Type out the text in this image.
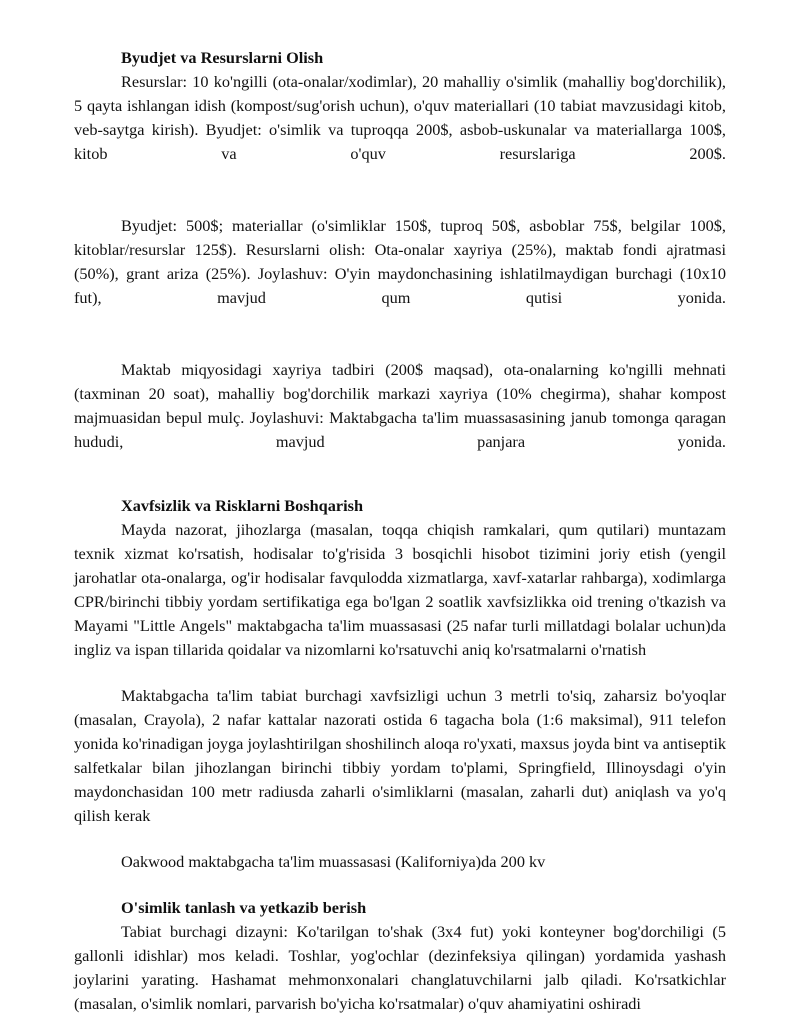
Byudjet va Resurslarni Olish

Resurslar: 10 ko'ngilli (ota-onalar/xodimlar), 20 mahalliy o'simlik (mahalliy bog'dorchilik), 5 qayta ishlangan idish (kompost/sug'orish uchun), o'quv materiallari (10 tabiat mavzusidagi kitob, veb-saytga kirish). Byudjet: o'simlik va tuproqqa 200$, asbob-uskunalar va materiallarga 100$, kitob va o'quv resurslariga 200$.

Byudjet: 500$; materiallar (o'simliklar 150$, tuproq 50$, asboblar 75$, belgilar 100$, kitoblar/resurslar 125$). Resurslarni olish: Ota-onalar xayriya (25%), maktab fondi ajratmasi (50%), grant ariza (25%). Joylashuv: O'yin maydonchasining ishlatilmaydigan burchagi (10x10 fut), mavjud qum qutisi yonida.

Maktab miqyosidagi xayriya tadbiri (200$ maqsad), ota-onalarning ko'ngilli mehnati (taxminan 20 soat), mahalliy bog'dorchilik markazi xayriya (10% chegirma), shahar kompost majmuasidan bepul mulç. Joylashuvi: Maktabgacha ta'lim muassasasining janub tomonga qaragan hududi, mavjud panjara yonida.

Xavfsizlik va Risklarni Boshqarish

Mayda nazorat, jihozlarga (masalan, toqqa chiqish ramkalari, qum qutilari) muntazam texnik xizmat ko'rsatish, hodisalar to'g'risida 3 bosqichli hisobot tizimini joriy etish (yengil jarohatlar ota-onalarga, og'ir hodisalar favqulodda xizmatlarga, xavf-xatarlar rahbarga), xodimlarga CPR/birinchi tibbiy yordam sertifikatiga ega bo'lgan 2 soatlik xavfsizlikka oid trening o'tkazish va Mayami "Little Angels" maktabgacha ta'lim muassasasi (25 nafar turli millatdagi bolalar uchun)da ingliz va ispan tillarida qoidalar va nizomlarni ko'rsatuvchi aniq ko'rsatmalarni o'rnatish

Maktabgacha ta'lim tabiat burchagi xavfsizligi uchun 3 metrli to'siq, zaharsiz bo'yoqlar (masalan, Crayola), 2 nafar kattalar nazorati ostida 6 tagacha bola (1:6 maksimal), 911 telefon yonida ko'rinadigan joyga joylashtirilgan shoshilinch aloqa ro'yxati, maxsus joyda bint va antiseptik salfetkalar bilan jihozlangan birinchi tibbiy yordam to'plami, Springfield, Illinoysdagi o'yin maydonchasidan 100 metr radiusda zaharli o'simliklarni (masalan, zaharli dut) aniqlash va yo'q qilish kerak

Oakwood maktabgacha ta'lim muassasasi (Kaliforniya)da 200 kv

O'simlik tanlash va yetkazib berish

Tabiat burchagi dizayni: Ko'tarilgan to'shak (3x4 fut) yoki konteyner bog'dorchiligi (5 gallonli idishlar) mos keladi. Toshlar, yog'ochlar (dezinfeksiya qilingan) yordamida yashash joylarini yarating. Hashamat mehmonxonalari changlatuvchilarni jalb qiladi. Ko'rsatkichlar (masalan, o'simlik nomlari, parvarish bo'yicha ko'rsatmalar) o'quv ahamiyatini oshiradi
